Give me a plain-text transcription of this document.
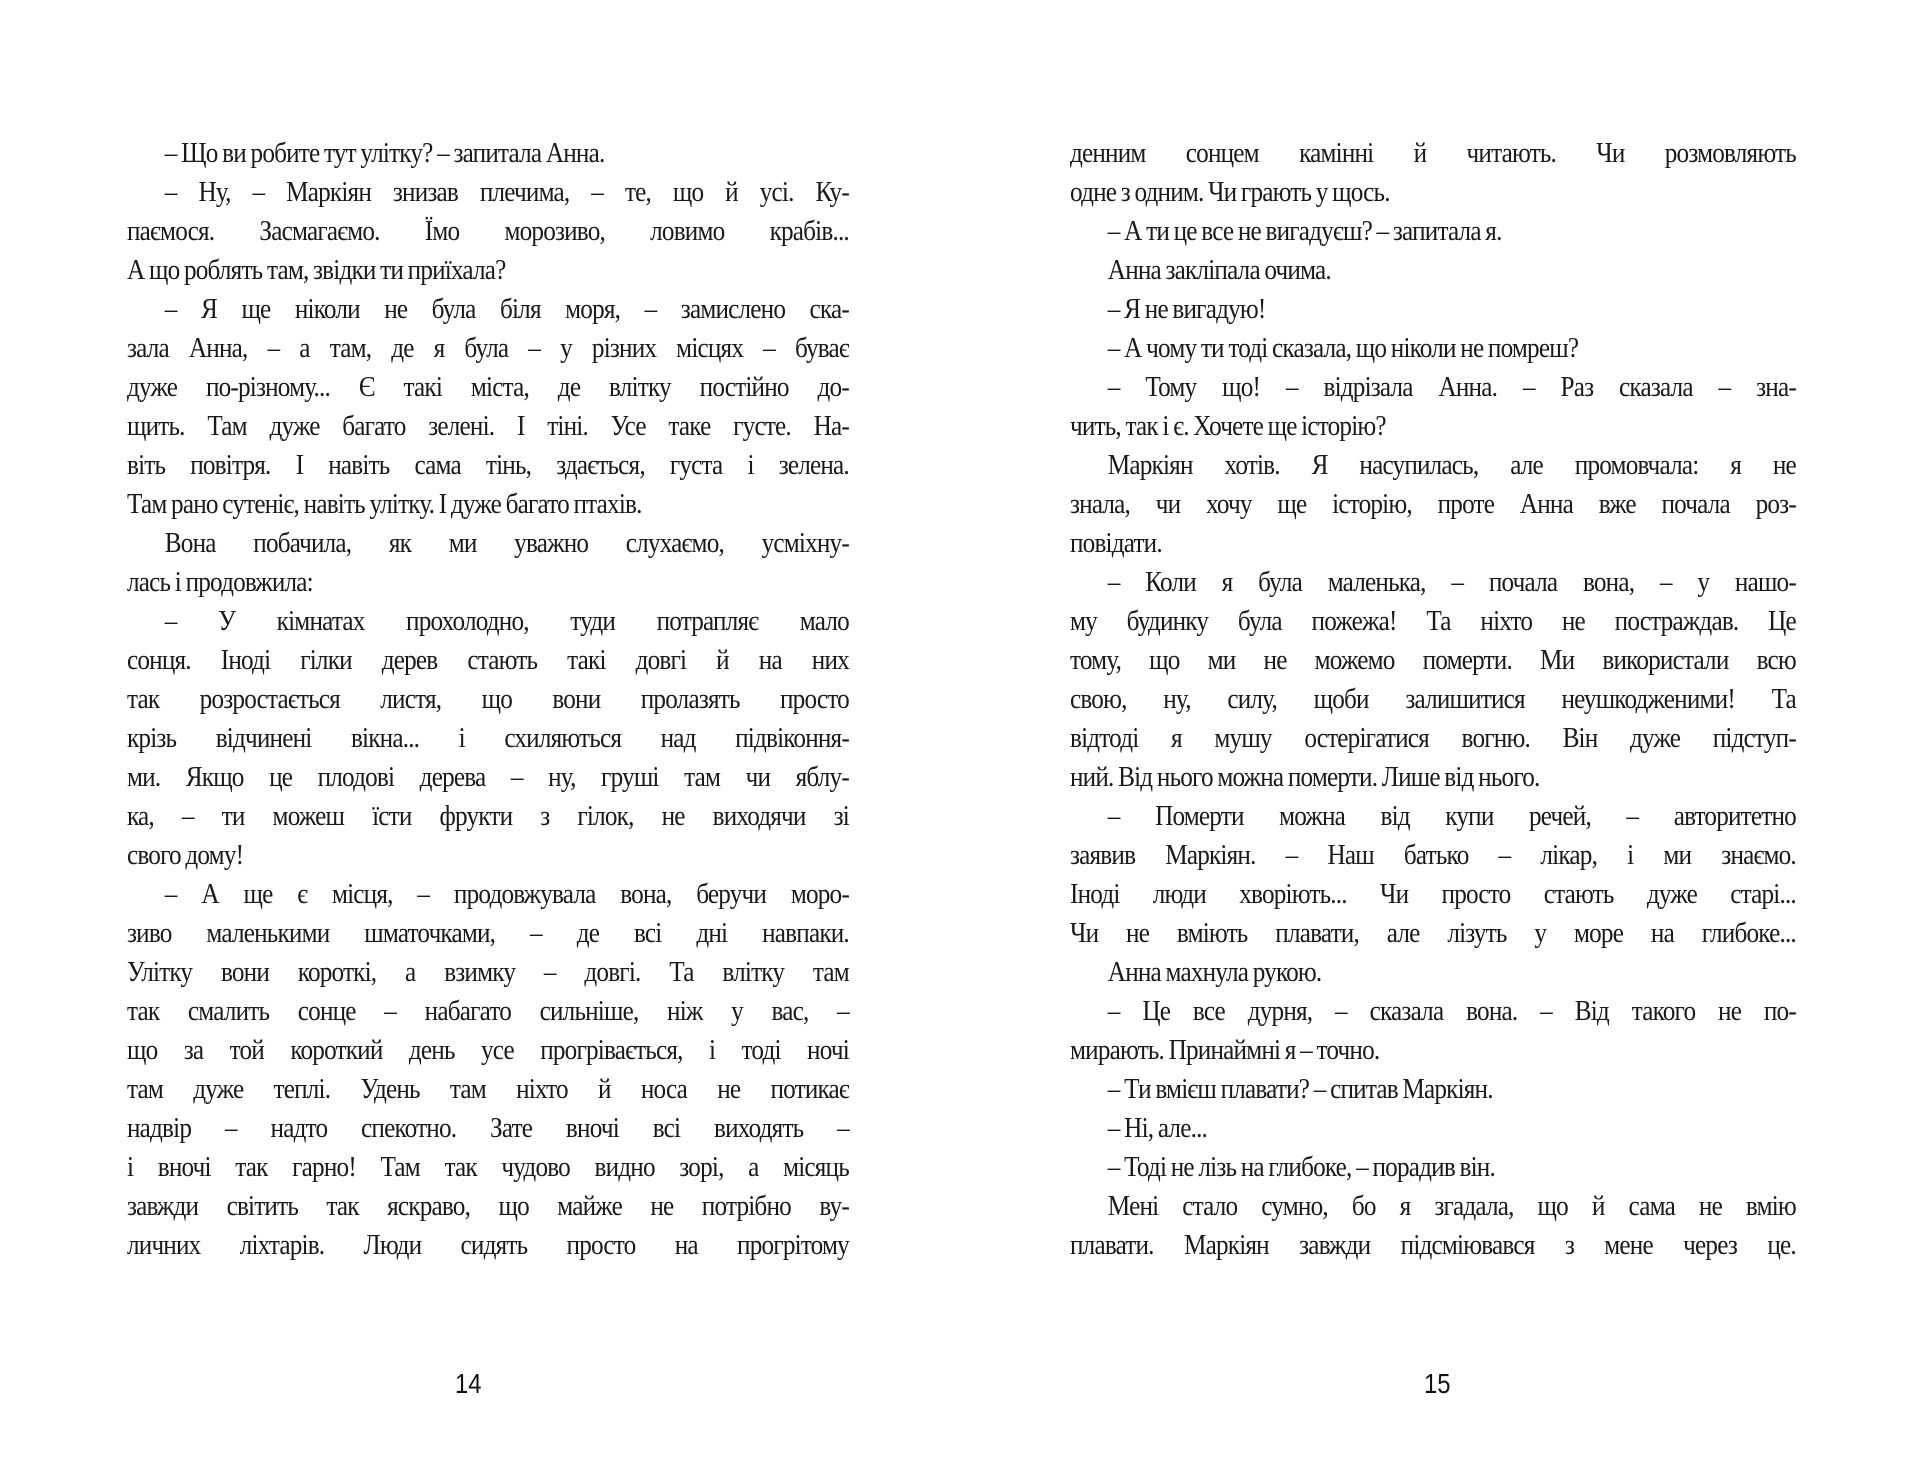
– Що ви робите тут улітку? – запитала Анна.
– Ну, – Маркіян знизав плечима, – те, що й усі. Ку-
паємося. Засмагаємо. Їмо морозиво, ловимо крабів...
А що роблять там, звідки ти приїхала?
– Я ще ніколи не була біля моря, – замислено ска-
зала Анна, – а там, де я була – у різних місцях – буває
дуже по-різному... Є такі міста, де влітку постійно до-
щить. Там дуже багато зелені. І тіні. Усе таке густе. На-
віть повітря. І навіть сама тінь, здається, густа і зелена.
Там рано сутеніє, навіть улітку. І дуже багато птахів.
Вона побачила, як ми уважно слухаємо, усміхну-
лась і продовжила:
– У кімнатах прохолодно, туди потрапляє мало
сонця. Іноді гілки дерев стають такі довгі й на них
так розростається листя, що вони пролазять просто
крізь відчинені вікна... і схиляються над підвіконня-
ми. Якщо це плодові дерева – ну, груші там чи яблу-
ка, – ти можеш їсти фрукти з гілок, не виходячи зі
свого дому!
– А ще є місця, – продовжувала вона, беручи моро-
зиво маленькими шматочками, – де всі дні навпаки.
Улітку вони короткі, а взимку – довгі. Та влітку там
так смалить сонце – набагато сильніше, ніж у вас, –
що за той короткий день усе прогрівається, і тоді ночі
там дуже теплі. Удень там ніхто й носа не потикає
надвір – надто спекотно. Зате вночі всі виходять –
і вночі так гарно! Там так чудово видно зорі, а місяць
завжди світить так яскраво, що майже не потрібно ву-
личних ліхтарів. Люди сидять просто на прогрітому
14
денним сонцем камінні й читають. Чи розмовляють
одне з одним. Чи грають у щось.
– А ти це все не вигадуєш? – запитала я.
Анна закліпала очима.
– Я не вигадую!
– А чому ти тоді сказала, що ніколи не помреш?
– Тому що! – відрізала Анна. – Раз сказала – зна-
чить, так і є. Хочете ще історію?
Маркіян хотів. Я насупилась, але промовчала: я не
знала, чи хочу ще історію, проте Анна вже почала роз-
повідати.
– Коли я була маленька, – почала вона, – у нашо-
му будинку була пожежа! Та ніхто не постраждав. Це
тому, що ми не можемо померти. Ми використали всю
свою, ну, силу, щоби залишитися неушкодженими! Та
відтоді я мушу остерігатися вогню. Він дуже підступ-
ний. Від нього можна померти. Лише від нього.
– Померти можна від купи речей, – авторитетно
заявив Маркіян. – Наш батько – лікар, і ми знаємо.
Іноді люди хворіють... Чи просто стають дуже старі...
Чи не вміють плавати, але лізуть у море на глибоке...
Анна махнула рукою.
– Це все дурня, – сказала вона. – Від такого не по-
мирають. Принаймні я – точно.
– Ти вмієш плавати? – спитав Маркіян.
– Ні, але...
– Тоді не лізь на глибоке, – порадив він.
Мені стало сумно, бо я згадала, що й сама не вмію
плавати. Маркіян завжди підсміювався з мене через це.
15
